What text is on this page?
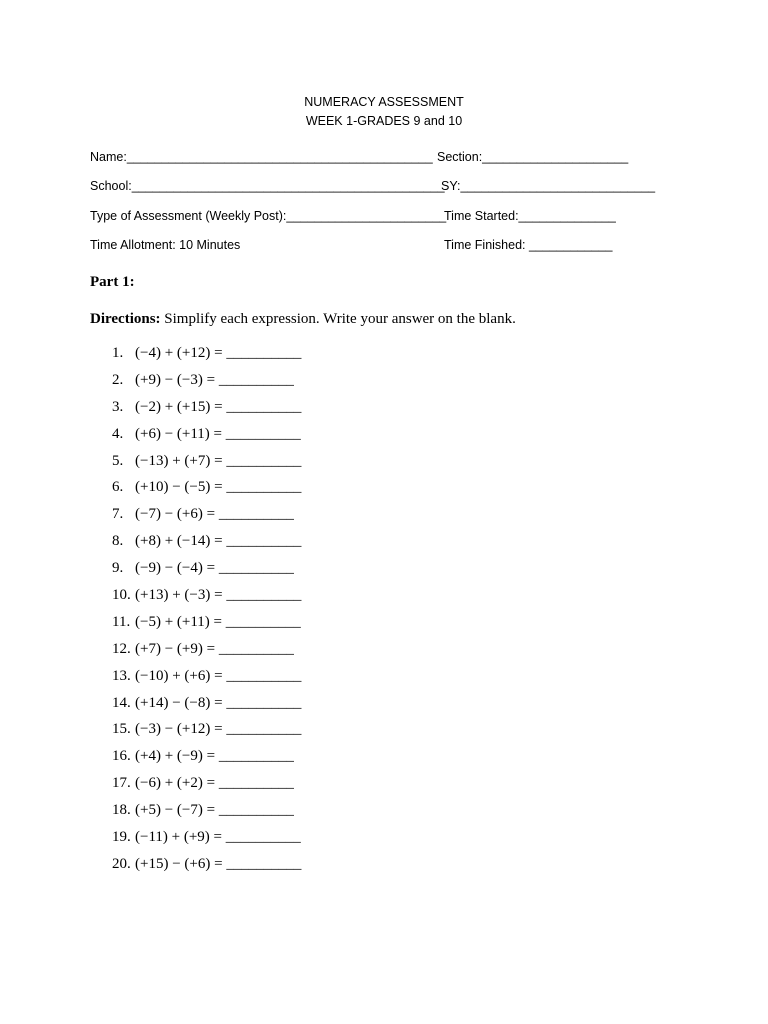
NUMERACY ASSESSMENT
WEEK 1-GRADES 9 and 10
Name:____________________________________________ Section:_____________________
School:_____________________________________________
SY:____________________________
Type of Assessment (Weekly Post):_______________________
Time Started:______________
Time Allotment: 10 Minutes	Time Finished: ____________
Part 1:
Directions: Simplify each expression. Write your answer on the blank.
1. (−4) + (+12) = __________
2. (+9) − (−3) = __________
3. (−2) + (+15) = __________
4. (+6) − (+11) = __________
5. (−13) + (+7) = __________
6. (+10) − (−5) = __________
7. (−7) − (+6) = __________
8. (+8) + (−14) = __________
9. (−9) − (−4) = __________
10. (+13) + (−3) = __________
11. (−5) + (+11) = __________
12. (+7) − (+9) = __________
13. (−10) + (+6) = __________
14. (+14) − (−8) = __________
15. (−3) − (+12) = __________
16. (+4) + (−9) = __________
17. (−6) + (+2) = __________
18. (+5) − (−7) = __________
19. (−11) + (+9) = __________
20. (+15) − (+6) = __________
